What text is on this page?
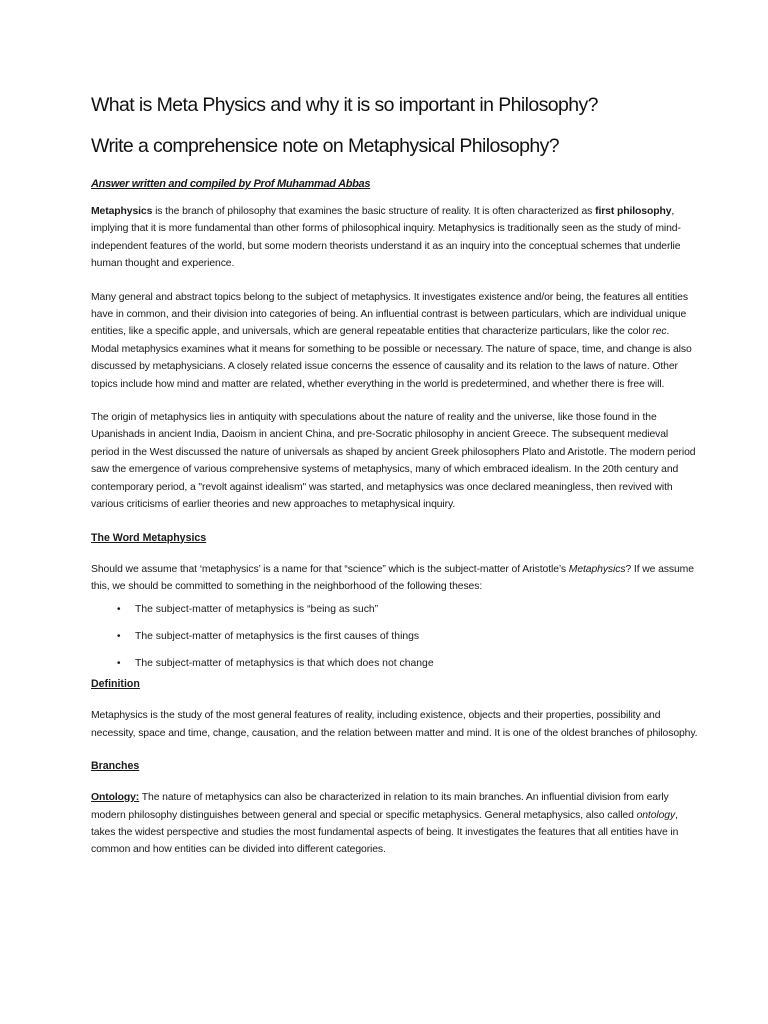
What is Meta Physics and why it is so important in Philosophy?
Write a comprehensice note on Metaphysical Philosophy?
Answer written and compiled by Prof Muhammad Abbas

Metaphysics is the branch of philosophy that examines the basic structure of reality. It is often characterized as first philosophy, implying that it is more fundamental than other forms of philosophical inquiry. Metaphysics is traditionally seen as the study of mind-independent features of the world, but some modern theorists understand it as an inquiry into the conceptual schemes that underlie human thought and experience.

Many general and abstract topics belong to the subject of metaphysics. It investigates existence and/or being, the features all entities have in common, and their division into categories of being. An influential contrast is between particulars, which are individual unique entities, like a specific apple, and universals, which are general repeatable entities that characterize particulars, like the color rec. Modal metaphysics examines what it means for something to be possible or necessary. The nature of space, time, and change is also discussed by metaphysicians. A closely related issue concerns the essence of causality and its relation to the laws of nature. Other topics include how mind and matter are related, whether everything in the world is predetermined, and whether there is free will.

The origin of metaphysics lies in antiquity with speculations about the nature of reality and the universe, like those found in the Upanishads in ancient India, Daoism in ancient China, and pre-Socratic philosophy in ancient Greece. The subsequent medieval period in the West discussed the nature of universals as shaped by ancient Greek philosophers Plato and Aristotle. The modern period saw the emergence of various comprehensive systems of metaphysics, many of which embraced idealism. In the 20th century and contemporary period, a "revolt against idealism" was started, and metaphysics was once declared meaningless, then revived with various criticisms of earlier theories and new approaches to metaphysical inquiry.

The Word Metaphysics

Should we assume that ‘metaphysics’ is a name for that “science” which is the subject-matter of Aristotle’s Metaphysics? If we assume this, we should be committed to something in the neighborhood of the following theses:

• The subject-matter of metaphysics is “being as such”
• The subject-matter of metaphysics is the first causes of things
• The subject-matter of metaphysics is that which does not change
Definition

Metaphysics is the study of the most general features of reality, including existence, objects and their properties, possibility and necessity, space and time, change, causation, and the relation between matter and mind. It is one of the oldest branches of philosophy.

Branches

Ontology: The nature of metaphysics can also be characterized in relation to its main branches. An influential division from early modern philosophy distinguishes between general and special or specific metaphysics. General metaphysics, also called ontology, takes the widest perspective and studies the most fundamental aspects of being. It investigates the features that all entities have in common and how entities can be divided into different categories.
